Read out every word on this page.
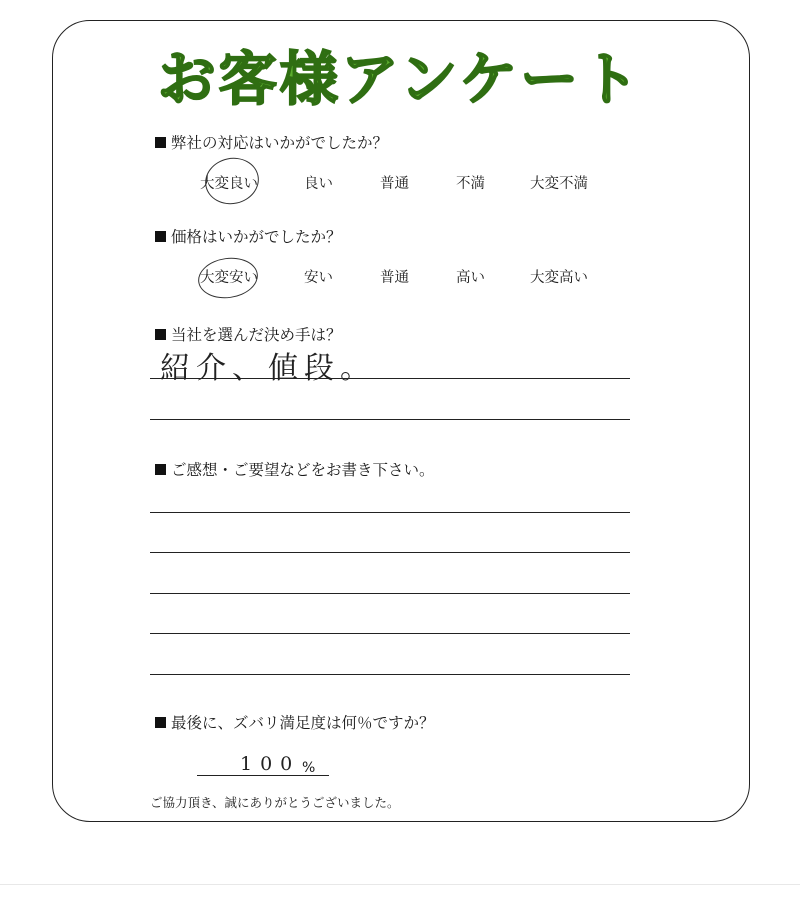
お客様アンケート
弊社の対応はいかがでしたか？
大変良い	良い	普通	不満	大変不満
価格はいかがでしたか？
大変安い	安い	普通	高い	大変高い
当社を選んだ決め手は？
紹介、値段。
ご感想・ご要望などをお書き下さい。
最後に、ズバリ満足度は何％ですか？
100 %
ご協力頂き、誠にありがとうございました。
